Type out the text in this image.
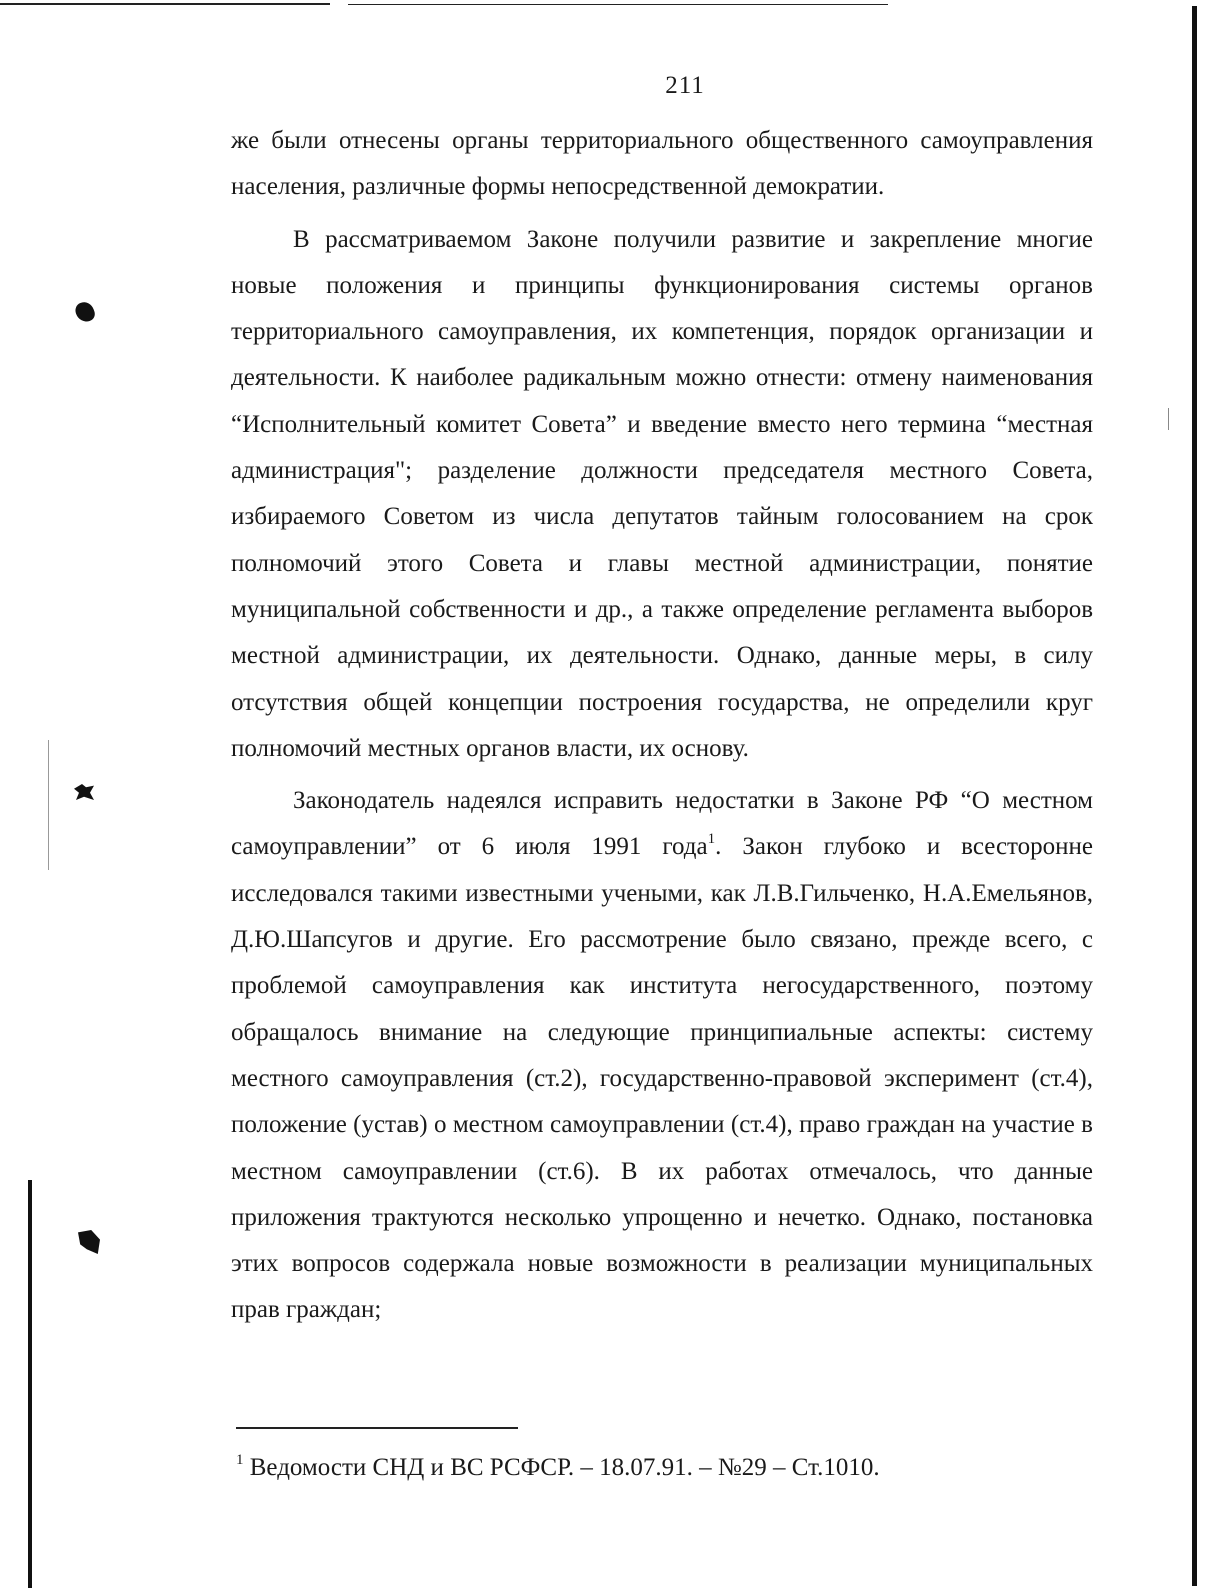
211

же были отнесены органы территориального общественного самоуправления населения, различные формы непосредственной демократии.

В рассматриваемом Законе получили развитие и закрепление многие новые положения и принципы функционирования системы органов территориального самоуправления, их компетенция, порядок организации и деятельности. К наиболее радикальным можно отнести: отмену наименования “Исполнительный комитет Совета” и введение вместо него термина “местная администрация"; разделение должности председателя местного Совета, избираемого Советом из числа депутатов тайным голосованием на срок полномочий этого Совета и главы местной администрации, понятие муниципальной собственности и др., а также определение регламента выборов местной администрации, их деятельности. Однако, данные меры, в силу отсутствия общей концепции построения государства, не определили круг полномочий местных органов власти, их основу.

Законодатель надеялся исправить недостатки в Законе РФ “О местном самоуправлении” от 6 июля 1991 года$^1$. Закон глубоко и всесторонне исследовался такими известными учеными, как Л.В.Гильченко, Н.А.Емельянов, Д.Ю.Шапсугов и другие. Его рассмотрение было связано, прежде всего, с проблемой самоуправления как института негосударственного, поэтому обращалось внимание на следующие принципиальные аспекты: систему местного самоуправления (ст.2), государственно-правовой эксперимент (ст.4), положение (устав) о местном самоуправлении (ст.4), право граждан на участие в местном самоуправлении (ст.6). В их работах отмечалось, что данные приложения трактуются несколько упрощенно и нечетко. Однако, постановка этих вопросов содержала новые возможности в реализации муниципальных прав граждан;

$^1$ Ведомости СНД и ВС РСФСР. – 18.07.91. – №29 – Ст.1010.
